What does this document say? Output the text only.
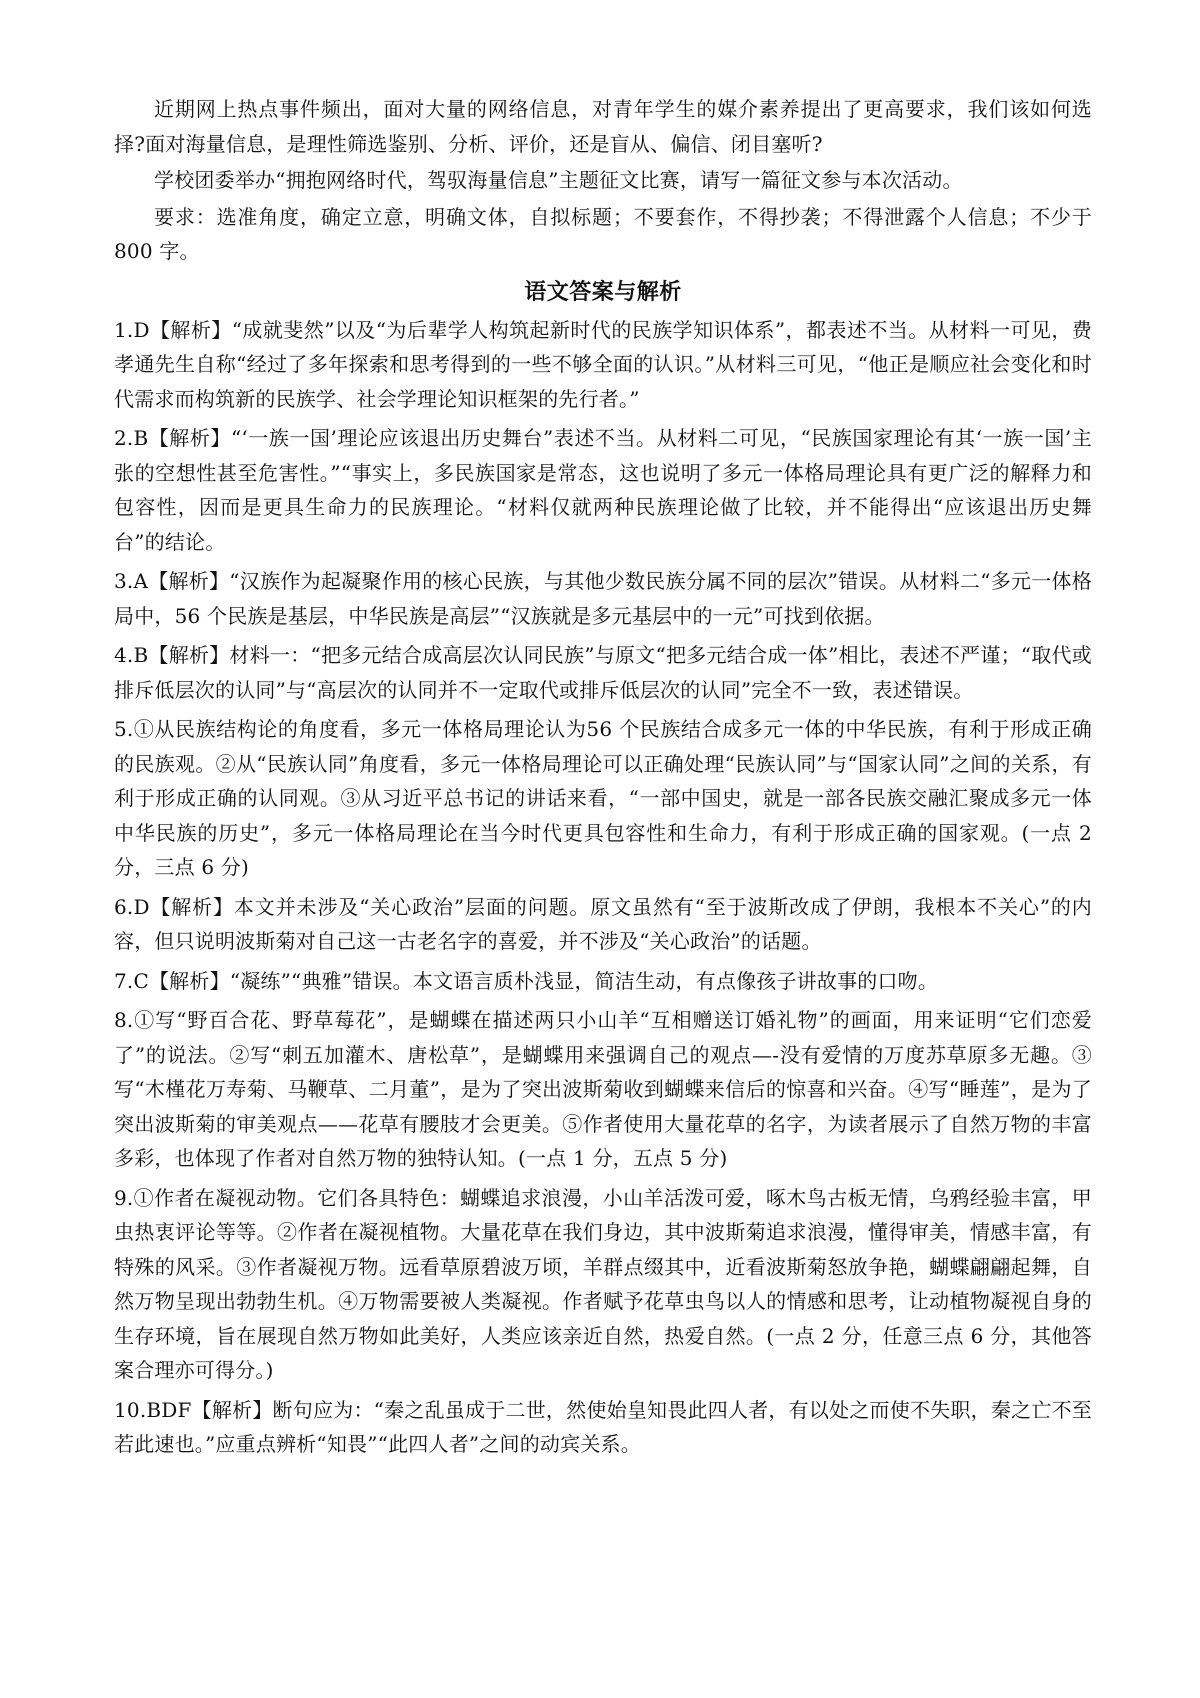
近期网上热点事件频出，面对大量的网络信息，对青年学生的媒介素养提出了更高要求，我们该如何选择?面对海量信息，是理性筛选鉴别、分析、评价，还是盲从、偏信、闭目塞听?

学校团委举办“拥抱网络时代，驾驭海量信息”主题征文比赛，请写一篇征文参与本次活动。

要求：选准角度，确定立意，明确文体，自拟标题；不要套作，不得抄袭；不得泄露个人信息；不少于 800 字。

语文答案与解析

1.D【解析】“成就斐然”以及“为后辈学人构筑起新时代的民族学知识体系”，都表述不当。从材料一可见，费孝通先生自称“经过了多年探索和思考得到的一些不够全面的认识。”从材料三可见，“他正是顺应社会变化和时代需求而构筑新的民族学、社会学理论知识框架的先行者。”

2.B【解析】“‘一族一国’理论应该退出历史舞台”表述不当。从材料二可见，“民族国家理论有其‘一族一国’主张的空想性甚至危害性。”“事实上，多民族国家是常态，这也说明了多元一体格局理论具有更广泛的解释力和包容性，因而是更具生命力的民族理论。“材料仅就两种民族理论做了比较，并不能得出“应该退出历史舞台”的结论。

3.A【解析】“汉族作为起凝聚作用的核心民族，与其他少数民族分属不同的层次”错误。从材料二“多元一体格局中，56 个民族是基层，中华民族是高层”“汉族就是多元基层中的一元”可找到依据。

4.B【解析】材料一：“把多元结合成高层次认同民族”与原文“把多元结合成一体”相比，表述不严谨；“取代或排斥低层次的认同”与“高层次的认同并不一定取代或排斥低层次的认同”完全不一致，表述错误。

5.①从民族结构论的角度看，多元一体格局理论认为56 个民族结合成多元一体的中华民族，有利于形成正确的民族观。②从“民族认同”角度看，多元一体格局理论可以正确处理“民族认同”与“国家认同”之间的关系，有利于形成正确的认同观。③从习近平总书记的讲话来看，“一部中国史，就是一部各民族交融汇聚成多元一体中华民族的历史”，多元一体格局理论在当今时代更具包容性和生命力，有利于形成正确的国家观。(一点 2 分，三点 6 分)

6.D【解析】本文并未涉及“关心政治”层面的问题。原文虽然有“至于波斯改成了伊朗，我根本不关心”的内容，但只说明波斯菊对自己这一古老名字的喜爱，并不涉及“关心政治”的话题。

7.C【解析】“凝练”“典雅”错误。本文语言质朴浅显，简洁生动，有点像孩子讲故事的口吻。

8.①写“野百合花、野草莓花”，是蝴蝶在描述两只小山羊“互相赠送订婚礼物”的画面，用来证明“它们恋爱了”的说法。②写“刺五加灌木、唐松草”，是蝴蝶用来强调自己的观点—-没有爱情的万度苏草原多无趣。③写“木槿花万寿菊、马鞭草、二月董”，是为了突出波斯菊收到蝴蝶来信后的惊喜和兴奋。④写“睡莲”，是为了突出波斯菊的审美观点——花草有腰肢才会更美。⑤作者使用大量花草的名字，为读者展示了自然万物的丰富多彩，也体现了作者对自然万物的独特认知。(一点 1 分，五点 5 分)

9.①作者在凝视动物。它们各具特色：蝴蝶追求浪漫，小山羊活泼可爱，啄木鸟古板无情，乌鸦经验丰富，甲虫热衷评论等等。②作者在凝视植物。大量花草在我们身边，其中波斯菊追求浪漫，懂得审美，情感丰富，有特殊的风采。③作者凝视万物。远看草原碧波万顷，羊群点缀其中，近看波斯菊怒放争艳，蝴蝶翩翩起舞，自然万物呈现出勃勃生机。④万物需要被人类凝视。作者赋予花草虫鸟以人的情感和思考，让动植物凝视自身的生存环境，旨在展现自然万物如此美好，人类应该亲近自然，热爱自然。(一点 2 分，任意三点 6 分，其他答案合理亦可得分。)

10.BDF【解析】断句应为：“秦之乱虽成于二世，然使始皇知畏此四人者，有以处之而使不失职，秦之亡不至若此速也。”应重点辨析“知畏”“此四人者”之间的动宾关系。
